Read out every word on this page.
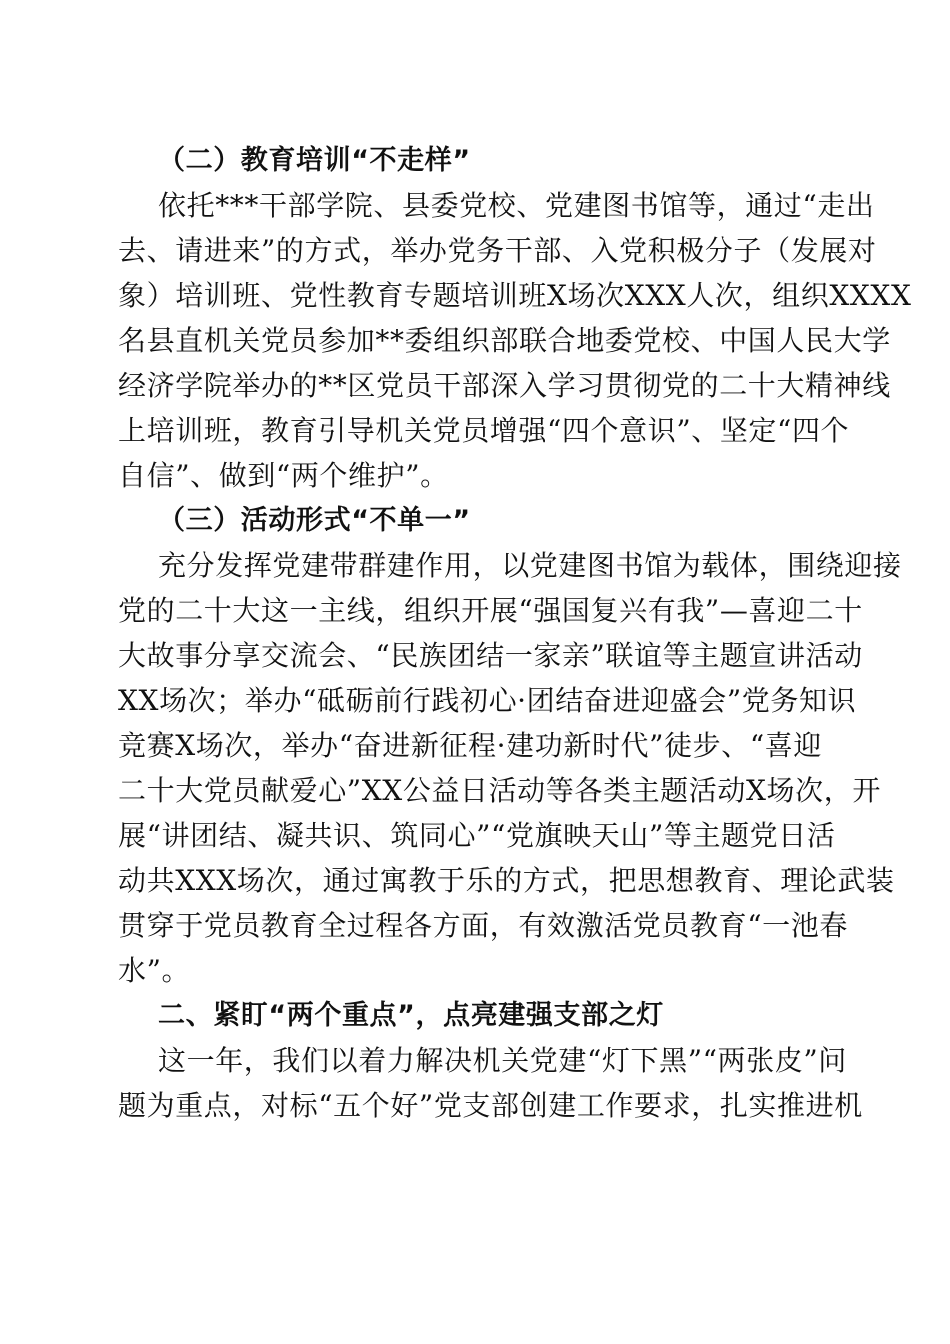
（二）教育培训“不走样”
依托***干部学院、县委党校、党建图书馆等，通过“走出
去、请进来”的方式，举办党务干部、入党积极分子（发展对
象）培训班、党性教育专题培训班X场次XXX人次，组织XXXX
名县直机关党员参加**委组织部联合地委党校、中国人民大学
经济学院举办的**区党员干部深入学习贯彻党的二十大精神线
上培训班，教育引导机关党员增强“四个意识”、坚定“四个
自信”、做到“两个维护”。
（三）活动形式“不单一”
充分发挥党建带群建作用，以党建图书馆为载体，围绕迎接
党的二十大这一主线，组织开展“强国复兴有我”—喜迎二十
大故事分享交流会、“民族团结一家亲”联谊等主题宣讲活动
XX场次；举办“砥砺前行践初心·团结奋进迎盛会”党务知识
竞赛X场次，举办“奋进新征程·建功新时代”徒步、“喜迎
二十大党员献爱心”XX公益日活动等各类主题活动X场次，开
展“讲团结、凝共识、筑同心”“党旗映天山”等主题党日活
动共XXX场次，通过寓教于乐的方式，把思想教育、理论武装
贯穿于党员教育全过程各方面，有效激活党员教育“一池春
水”。
二、紧盯“两个重点”，点亮建强支部之灯
这一年，我们以着力解决机关党建“灯下黑”“两张皮”问
题为重点，对标“五个好”党支部创建工作要求，扎实推进机
